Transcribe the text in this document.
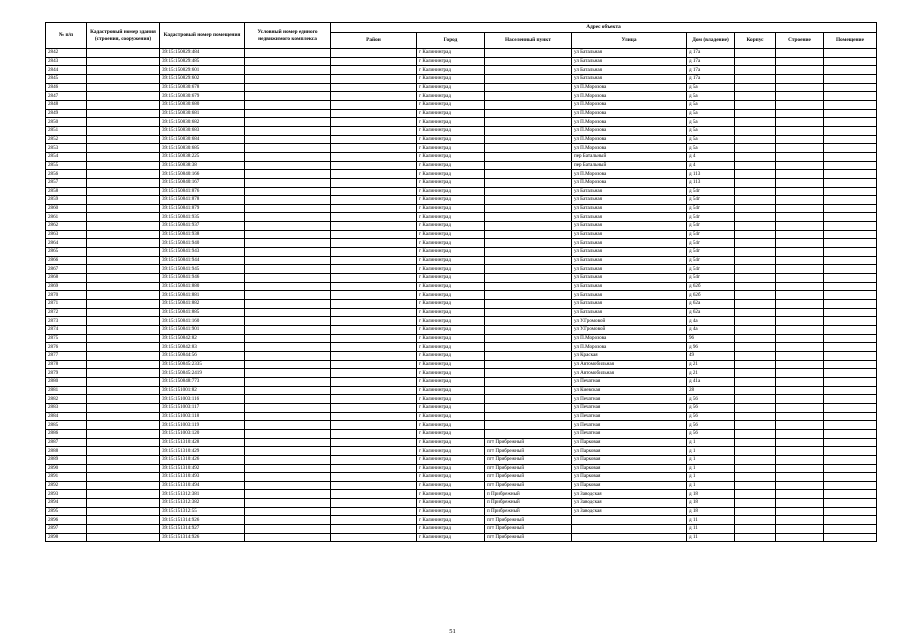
№ п/п	Кадастровый номер здания (строения, сооружения)	Кадастровый номер помещения	Условный номер единого недвижимого комплекса	Адрес объекта							
				Район	Город	Населенный пункт	Улица	Дом (владение)	Корпус	Строение	Помещение
2842		39:15:150829:484			г Калининград		ул Батальная	д 17а			
2843		39:15:150829:485			г Калининград		ул Батальная	д 17а			
2844		39:15:150829:601			г Калининград		ул Батальная	д 17а			
2845		39:15:150829:602			г Калининград		ул Батальная	д 17а			
2846		39:15:150830:678			г Калининград		ул П.Морозова	д 5а			
2847		39:15:150830:679			г Калининград		ул П.Морозова	д 5а			
2848		39:15:150830:680			г Калининград		ул П.Морозова	д 5а			
2849		39:15:150830:681			г Калининград		ул П.Морозова	д 5а			
2850		39:15:150830:682			г Калининград		ул П.Морозова	д 5а			
2851		39:15:150830:683			г Калининград		ул П.Морозова	д 5а			
2852		39:15:150830:684			г Калининград		ул П.Морозова	д 5а			
2853		39:15:150830:685			г Калининград		ул П.Морозова	д 5а			
2854		39:15:150838:225			г Калининград		пер Батальный	д 4			
2855		39:15:150838:38			г Калининград		пер Батальный	д 4			
2856		39:15:150840:166			г Калининград		ул П.Морозова	д 113			
2857		39:15:150840:167			г Калининград		ул П.Морозова	д 113			
2858		39:15:150841:876			г Калининград		ул Батальная	д 54г			
2859		39:15:150841:878			г Калининград		ул Батальная	д 54г			
2860		39:15:150841:879			г Калининград		ул Батальная	д 54г			
2861		39:15:150841:935			г Калининград		ул Батальная	д 54г			
2862		39:15:150841:937			г Калининград		ул Батальная	д 54г			
2863		39:15:150841:938			г Калининград		ул Батальная	д 54г			
2864		39:15:150841:940			г Калининград		ул Батальная	д 54г			
2865		39:15:150841:943			г Калининград		ул Батальная	д 54г			
2866		39:15:150841:944			г Калининград		ул Батальная	д 54г			
2867		39:15:150841:945			г Калининград		ул Батальная	д 54г			
2868		39:15:150841:946			г Калининград		ул Батальная	д 54г			
2869		39:15:150841:880			г Калининград		ул Батальная	д 62б			
2870		39:15:150841:881			г Калининград		ул Батальная	д 62б			
2871		39:15:150841:882			г Калининград		ул Батальная	д 62а			
2872		39:15:150841:885			г Калининград		ул Батальная	д 62а			
2873		39:15:150841:160			г Калининград		ул У.Громовой	д 4а			
2874		39:15:150841:901			г Калининград		ул У.Громовой	д 4а			
2875		39:15:150842:82			г Калининград		ул П.Морозова	96			
2876		39:15:150842:83			г Калининград		ул П.Морозова	д 96			
2877		39:15:150844:56			г Калининград		ул Краская	49			
2878		39:15:150845:2335			г Калининград		ул Автомобильная	д 21			
2879		39:15:150845:2419			г Калининград		ул Автомобильная	д 21			
2880		39:15:150848:773			г Калининград		ул Печатная	д 41а			
2881		39:15:151001:82			г Калининград		ул Киевская	28			
2882		39:15:151003:116			г Калининград		ул Печатная	д 56			
2883		39:15:151003:117			г Калининград		ул Печатная	д 56			
2884		39:15:151003:118			г Калининград		ул Печатная	д 56			
2885		39:15:151003:119			г Калининград		ул Печатная	д 56			
2886		39:15:151003:120			г Калининград		ул Печатная	д 56			
2887		39:15:151310:428			г Калининград	пгт Прибрежный	ул Парковая	д 1			
2888		39:15:151310:429			г Калининград	пгт Прибрежный	ул Парковая	д 1			
2889		39:15:151310:426			г Калининград	пгт Прибрежный	ул Парковая	д 1			
2890		39:15:151310:492			г Калининград	пгт Прибрежный	ул Парковая	д 1			
2891		39:15:151310:493			г Калининград	пгт Прибрежный	ул Парковая	д 1			
2892		39:15:151310:494			г Калининград	пгт Прибрежный	ул Парковая	д 1			
2893		39:15:151312:381			г Калининград	п Прибрежный	ул Заводская	д 18			
2894		39:15:151312:382			г Калининград	п Прибрежный	ул Заводская	д 18			
2895		39:15:151312:55			г Калининград	п Прибрежный	ул Заводская	д 18			
2896		39:15:151314:926			г Калининград	пгт Прибрежный		д 11			
2897		39:15:151314:927			г Калининград	пгт Прибрежный		д 11			
2898		39:15:151314:926			г Калининград	пгт Прибрежный		д 11			
51
